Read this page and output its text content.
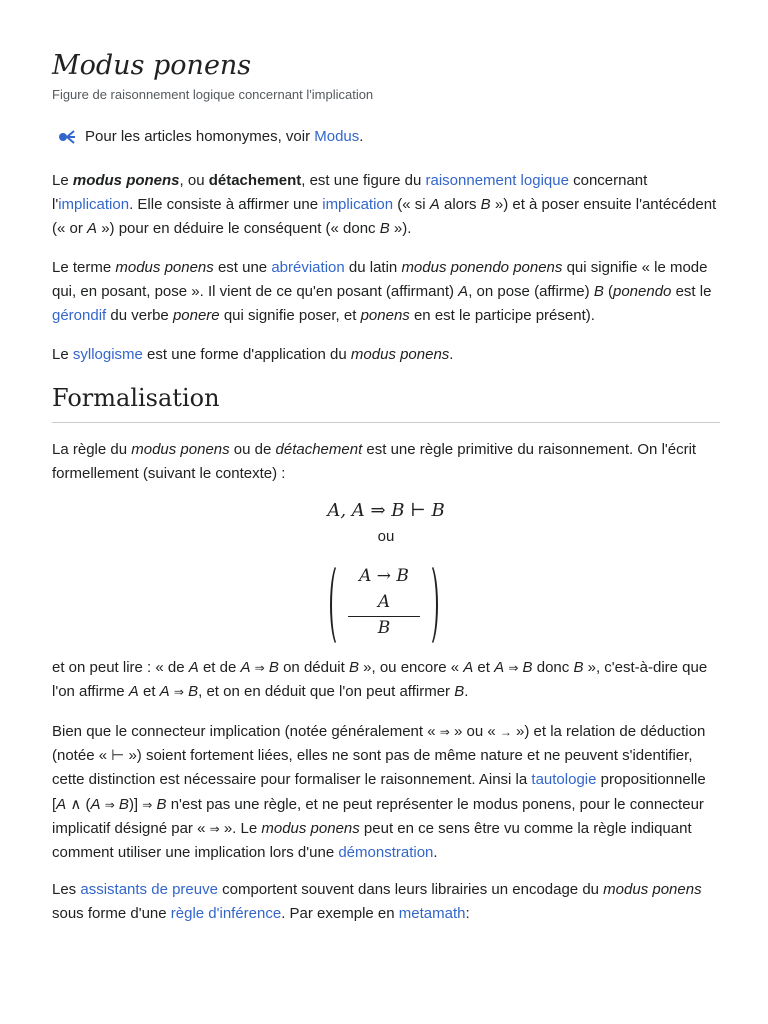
Modus ponens
Figure de raisonnement logique concernant l'implication
Pour les articles homonymes, voir Modus.

Le modus ponens, ou détachement, est une figure du raisonnement logique concernant l'implication. Elle consiste à affirmer une implication (« si A alors B ») et à poser ensuite l'antécédent (« or A ») pour en déduire le conséquent (« donc B »).

Le terme modus ponens est une abréviation du latin modus ponendo ponens qui signifie « le mode qui, en posant, pose ». Il vient de ce qu'en posant (affirmant) A, on pose (affirme) B (ponendo est le gérondif du verbe ponere qui signifie poser, et ponens en est le participe présent).

Le syllogisme est une forme d'application du modus ponens.

Formalisation

La règle du modus ponens ou de détachement est une règle primitive du raisonnement. On l'écrit formellement (suivant le contexte) :

A, A ⇒ B ⊢ B
ou
A → B
A
B

et on peut lire : « de A et de A ⇒ B on déduit B », ou encore « A et A ⇒ B donc B », c'est-à-dire que l'on affirme A et A ⇒ B, et on en déduit que l'on peut affirmer B.

Bien que le connecteur implication (notée généralement « ⇒ » ou « → ») et la relation de déduction (notée « ⊢ ») soient fortement liées, elles ne sont pas de même nature et ne peuvent s'identifier, cette distinction est nécessaire pour formaliser le raisonnement. Ainsi la tautologie propositionnelle [A ∧ (A ⇒ B)] ⇒ B n'est pas une règle, et ne peut représenter le modus ponens, pour le connecteur implicatif désigné par « ⇒ ». Le modus ponens peut en ce sens être vu comme la règle indiquant comment utiliser une implication lors d'une démonstration.

Les assistants de preuve comportent souvent dans leurs librairies un encodage du modus ponens sous forme d'une règle d'inférence. Par exemple en metamath:
